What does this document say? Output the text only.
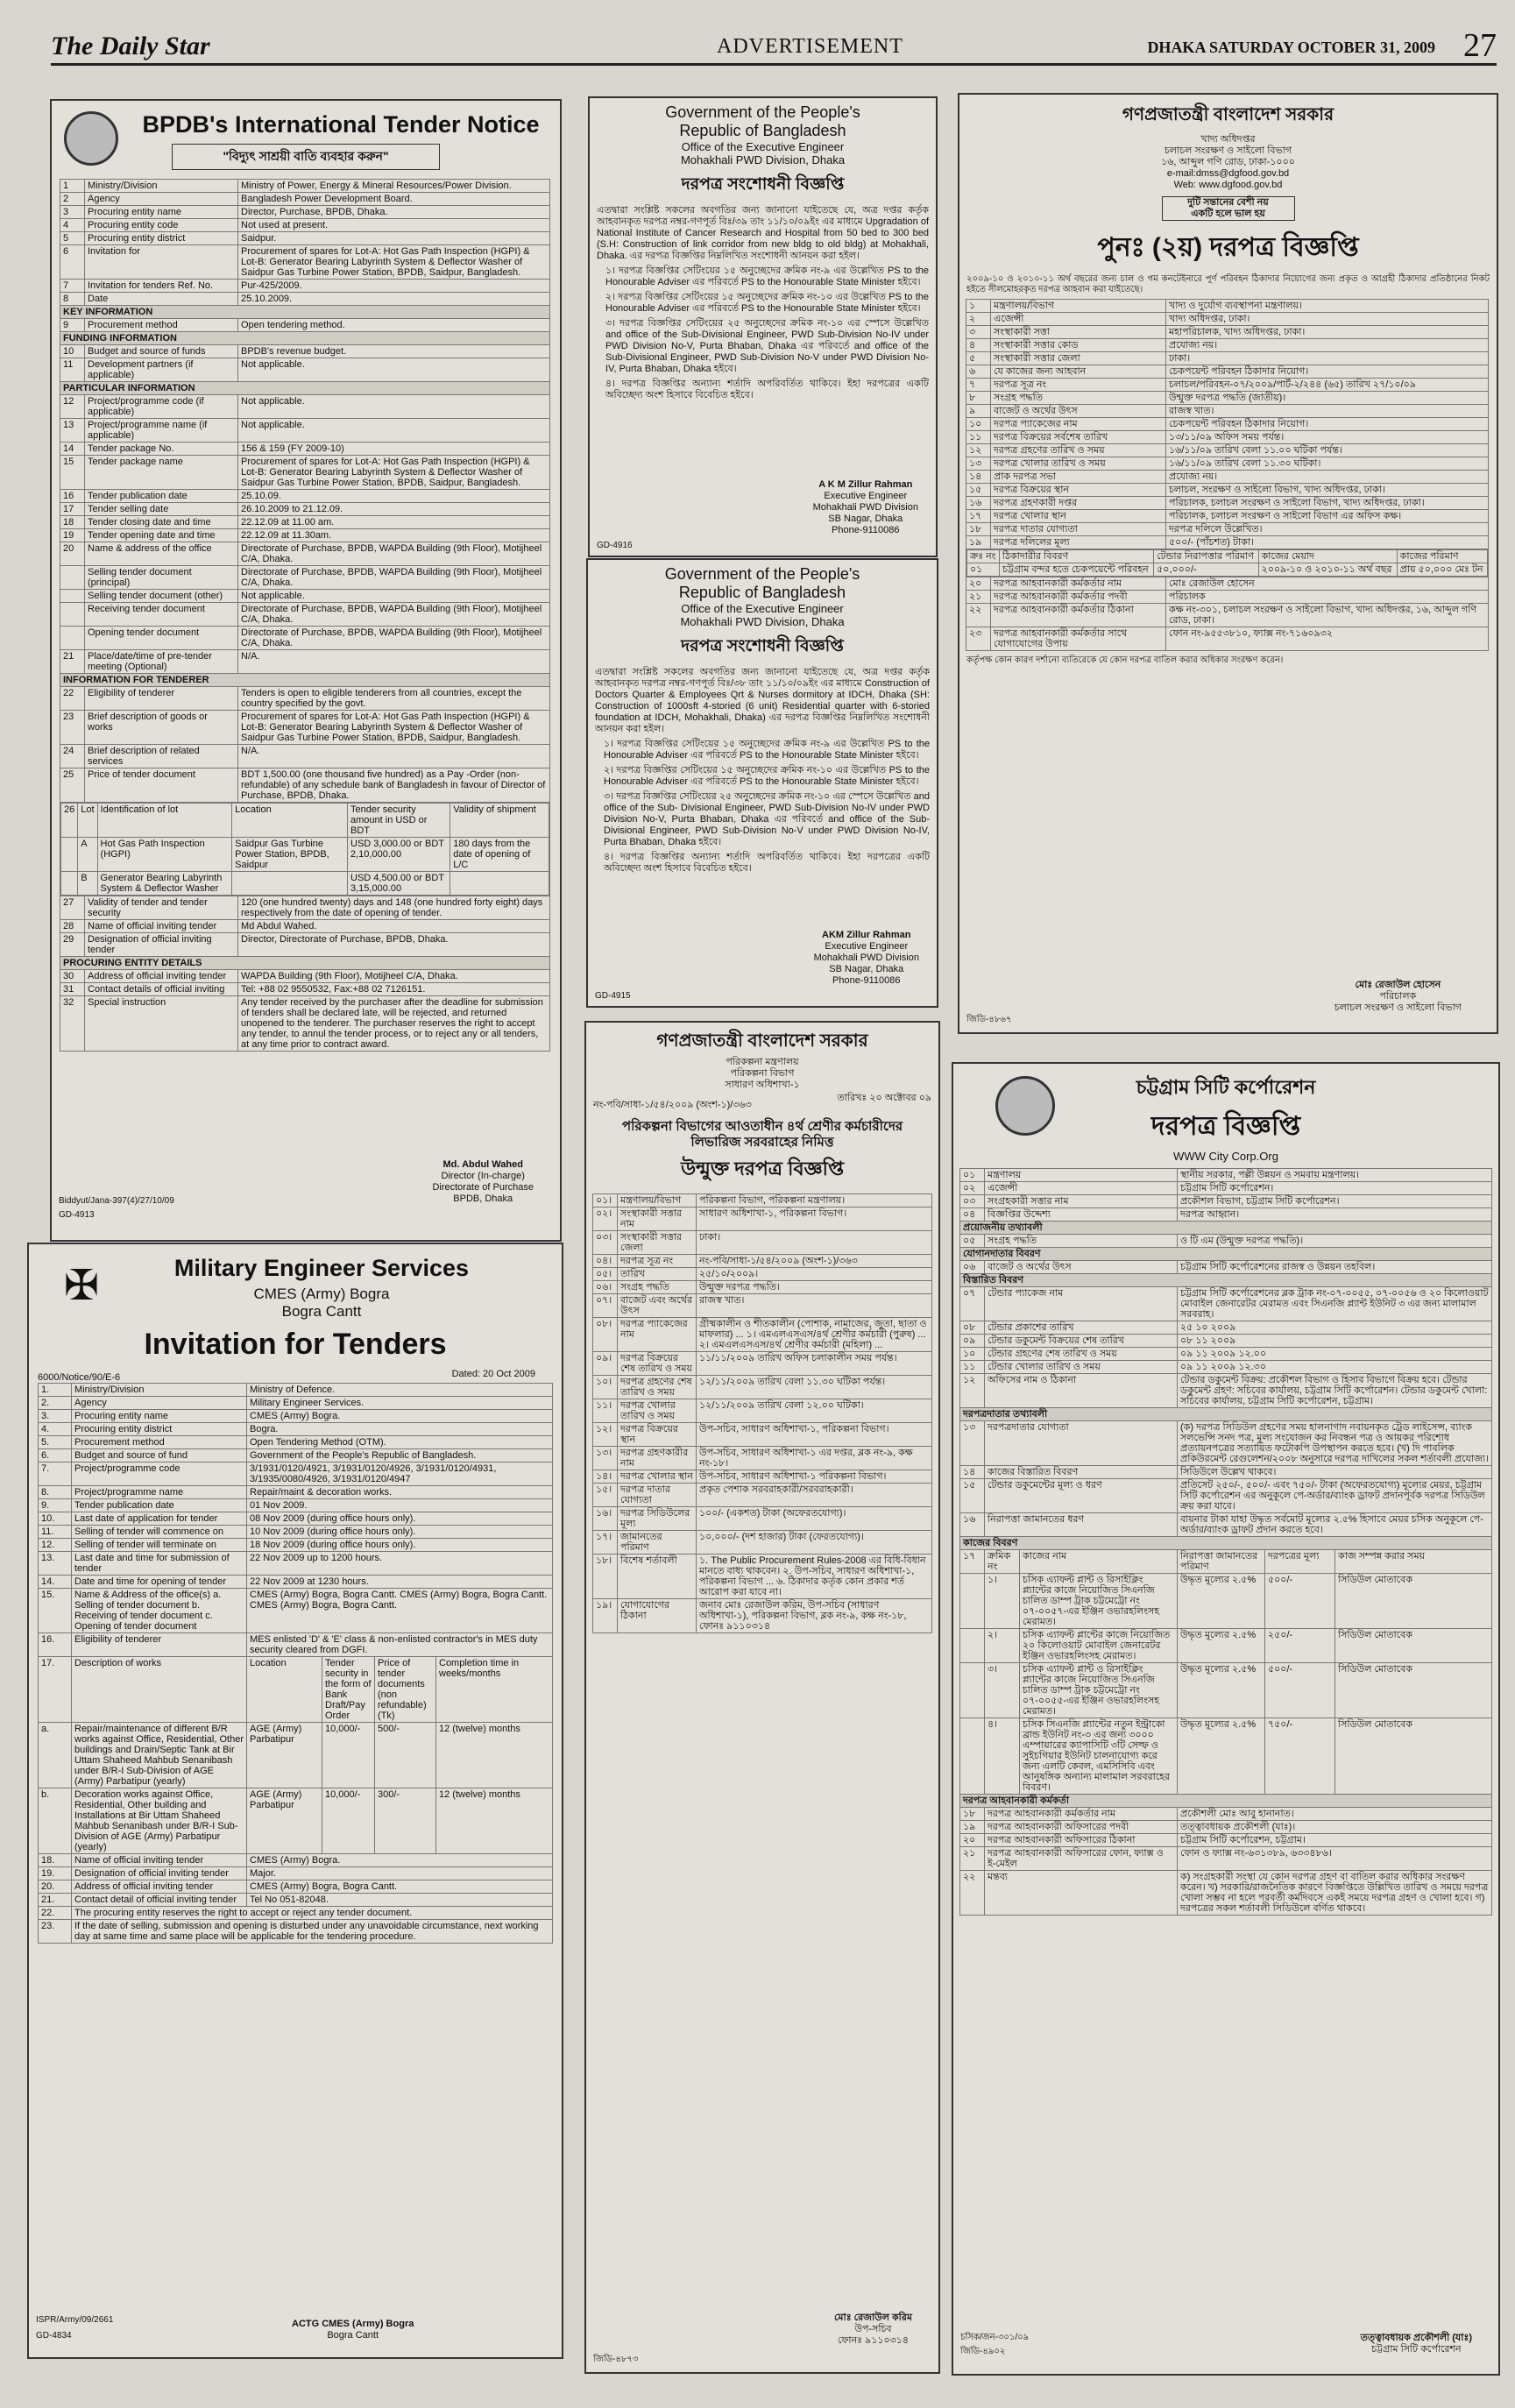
The Daily Star	ADVERTISEMENT	DHAKA SATURDAY OCTOBER 31, 2009 27
BPDB's International Tender Notice
"বিদ্যুৎ সাশ্রয়ী বাতি ব্যবহার করুন"
1	Ministry/Division	Ministry of Power, Energy & Mineral Resources/Power Division.
2	Agency	Bangladesh Power Development Board.
3	Procuring entity name	Director, Purchase, BPDB, Dhaka.
4	Procuring entity code	Not used at present.
5	Procuring entity district	Saidpur.
6	Invitation for	Procurement of spares for Lot-A: Hot Gas Path Inspection (HGPI) & Lot-B: Generator Bearing Labyrinth System & Deflector Washer of Saidpur Gas Turbine Power Station, BPDB, Saidpur, Bangladesh.
7	Invitation for tenders Ref. No.	Pur-425/2009.
8	Date	25.10.2009.
KEY INFORMATION
9	Procurement method	Open tendering method.
FUNDING INFORMATION
10	Budget and source of funds	BPDB's revenue budget.
11	Development partners (if applicable)	Not applicable.
PARTICULAR INFORMATION
12	Project/programme code (if applicable)	Not applicable.
13	Project/programme name (if applicable)	Not applicable.
14	Tender package No.	156 & 159 (FY 2009-10)
15	Tender package name	Procurement of spares for Lot-A: Hot Gas Path Inspection (HGPI) & Lot-B: Generator Bearing Labyrinth System & Deflector Washer of Saidpur Gas Turbine Power Station, BPDB, Saidpur, Bangladesh.
16	Tender publication date	25.10.09.
17	Tender selling date	26.10.2009 to 21.12.09.
18	Tender closing date and time	22.12.09 at 11.00 am.
19	Tender opening date and time	22.12.09 at 11.30am.
20	Name & address of the office	Directorate of Purchase, BPDB, WAPDA Building (9th Floor), Motijheel C/A, Dhaka.
	Selling tender document (principal)	Directorate of Purchase, BPDB, WAPDA Building (9th Floor), Motijheel C/A, Dhaka.
	Selling tender document (other)	Not applicable.
	Receiving tender document	Directorate of Purchase, BPDB, WAPDA Building (9th Floor), Motijheel C/A, Dhaka.
	Opening tender document	Directorate of Purchase, BPDB, WAPDA Building (9th Floor), Motijheel C/A, Dhaka.
21	Place/date/time of pre-tender meeting (Optional)	N/A.
INFORMATION FOR TENDERER
22	Eligibility of tenderer	Tenders is open to eligible tenderers from all countries, except the country specified by the govt.
23	Brief description of goods or works	Procurement of spares for Lot-A: Hot Gas Path Inspection (HGPI) & Lot-B: Generator Bearing Labyrinth System & Deflector Washer of Saidpur Gas Turbine Power Station, BPDB, Saidpur, Bangladesh.
24	Brief description of related services	N/A.
25	Price of tender document	BDT 1,500.00 (one thousand five hundred) as a Pay -Order (non-refundable) of any schedule bank of Bangladesh in favour of Director of Purchase, BPDB, Dhaka.

26	Lot	Identification of lot	Location	Tender security amount in USD or BDT	Validity of shipment
	A	Hot Gas Path Inspection (HGPI)	Saidpur Gas Turbine Power Station, BPDB, Saidpur	USD 3,000.00 or BDT 2,10,000.00	180 days from the date of opening of L/C
	B	Generator Bearing Labyrinth System & Deflector Washer		USD 4,500.00 or BDT 3,15,000.00	

27	Validity of tender and tender security	120 (one hundred twenty) days and 148 (one hundred forty eight) days respectively from the date of opening of tender.
28	Name of official inviting tender	Md Abdul Wahed.
29	Designation of official inviting tender	Director, Directorate of Purchase, BPDB, Dhaka.
PROCURING ENTITY DETAILS
30	Address of official inviting tender	WAPDA Building (9th Floor), Motijheel C/A, Dhaka.
31	Contact details of official inviting	Tel: +88 02 9550532, Fax:+88 02 7126151.
32	Special instruction	Any tender received by the purchaser after the deadline for submission of tenders shall be declared late, will be rejected, and returned unopened to the tenderer. The purchaser reserves the right to accept any tender, to annul the tender process, or to reject any or all tenders, at any time prior to contract award.
Md. Abdul Wahed
Director (In-charge)
Directorate of Purchase
BPDB, Dhaka
Biddyut/Jana-397(4)/27/10/09
GD-4913
✠	Military Engineer Services
CMES (Army) Bogra
Bogra Cantt
Invitation for Tenders
6000/Notice/90/E-6	Dated: 20 Oct 2009
1.	Ministry/Division	Ministry of Defence.			
2.	Agency	Military Engineer Services.			
3.	Procuring entity name	CMES (Army) Bogra.			
4.	Procuring entity district	Bogra.			
5.	Procurement method	Open Tendering Method (OTM).			
6.	Budget and source of fund	Government of the People's Republic of Bangladesh.			
7.	Project/programme code	3/1931/0120/4921, 3/1931/0120/4926, 3/1931/0120/4931, 3/1935/0080/4926, 3/1931/0120/4947			
8.	Project/programme name	Repair/maint & decoration works.			
9.	Tender publication date	01 Nov 2009.			
10.	Last date of application for tender	08 Nov 2009 (during office hours only).			
11.	Selling of tender will commence on	10 Nov 2009 (during office hours only).			
12.	Selling of tender will terminate on	18 Nov 2009 (during office hours only).			
13.	Last date and time for submission of tender	22 Nov 2009 up to 1200 hours.			
14.	Date and time for opening of tender	22 Nov 2009 at 1230 hours.			
15.	Name & Address of the office(s) a. Selling of tender document b. Receiving of tender document c. Opening of tender document	CMES (Army) Bogra, Bogra Cantt. CMES (Army) Bogra, Bogra Cantt. CMES (Army) Bogra, Bogra Cantt.			
16.	Eligibility of tenderer	MES enlisted 'D' & 'E' class & non-enlisted contractor's in MES duty security cleared from DGFI.			
17.	Description of works	Location	Tender security in the form of Bank Draft/Pay Order	Price of tender documents (non refundable) (Tk)	Completion time in weeks/months
a.	Repair/maintenance of different B/R works against Office, Residential, Other buildings and Drain/Septic Tank at Bir Uttam Shaheed Mahbub Senanibash under B/R-I Sub-Division of AGE (Army) Parbatipur (yearly)	AGE (Army) Parbatipur	10,000/-	500/-	12 (twelve) months
b.	Decoration works against Office, Residential, Other building and Installations at Bir Uttam Shaheed Mahbub Senanibash under B/R-I Sub-Division of AGE (Army) Parbatipur (yearly)	AGE (Army) Parbatipur	10,000/-	300/-	12 (twelve) months
18.	Name of official inviting tender	CMES (Army) Bogra.			
19.	Designation of official inviting tender	Major.			
20.	Address of official inviting tender	CMES (Army) Bogra, Bogra Cantt.			
21.	Contact detail of official inviting tender	Tel No 051-82048.			
22.	The procuring entity reserves the right to accept or reject any tender document.				
23.	If the date of selling, submission and opening is disturbed under any unavoidable circumstance, next working day at same time and same place will be applicable for the tendering procedure.				
ISPR/Army/09/2661
GD-4834
ACTG CMES (Army) Bogra
Bogra Cantt
Government of the People's
Republic of Bangladesh
Office of the Executive Engineer
Mohakhali PWD Division, Dhaka
দরপত্র সংশোধনী বিজ্ঞপ্তি
এতদ্বারা সংশ্লিষ্ট সকলের অবগতির জন্য জানানো যাইতেছে যে, অত্র দপ্তর কর্তৃক আহবানকৃত দরপত্র নম্বর-গণপূর্ত বিঃ/৩৯ তাং ১১/১০/০৯ইং এর মাধ্যমে Upgradation of National Institute of Cancer Research and Hospital from 50 bed to 300 bed (S.H: Construction of link corridor from new bldg to old bldg) at Mohakhali, Dhaka. এর দরপত্র বিজ্ঞপ্তির নিম্নলিখিত সংশোধনী আনয়ন করা হইল।
১। দরপত্র বিজ্ঞপ্তির সেটিংয়ের ১৫ অনুচ্ছেদের ক্রমিক নং-৯ এর উল্লেখিত PS to the Honourable Adviser এর পরিবর্তে PS to the Honourable State Minister হইবে।
২। দরপত্র বিজ্ঞপ্তির সেটিংয়ের ১৫ অনুচ্ছেদের ক্রমিক নং-১০ এর উল্লেখিত PS to the Honourable Adviser এর পরিবর্তে PS to the Honourable State Minister হইবে।
৩। দরপত্র বিজ্ঞপ্তির সেটিংয়ের ২৫ অনুচ্ছেদের ক্রমিক নং-১০ এর স্পেসে উল্লেখিত and office of the Sub-Divisional Engineer, PWD Sub-Division No-IV under PWD Division No-V, Purta Bhaban, Dhaka এর পরিবর্তে and office of the Sub-Divisional Engineer, PWD Sub-Division No-V under PWD Division No-IV, Purta Bhaban, Dhaka হইবে।
৪। দরপত্র বিজ্ঞপ্তির অন্যান্য শর্তাদি অপরিবর্তিত থাকিবে। ইহা দরপত্রের একটি অবিচ্ছেদ্য অংশ হিসাবে বিবেচিত হইবে।
A K M Zillur Rahman
Executive Engineer
Mohakhali PWD Division
SB Nagar, Dhaka
Phone-9110086
GD-4916
Government of the People's
Republic of Bangladesh
Office of the Executive Engineer
Mohakhali PWD Division, Dhaka
দরপত্র সংশোধনী বিজ্ঞপ্তি
এতদ্বারা সংশ্লিষ্ট সকলের অবগতির জন্য জানানো যাইতেছে যে, অত্র দপ্তর কর্তৃক আহবানকৃত দরপত্র নম্বর-গণপূর্ত বিঃ/৩৮ তাং ১১/১০/০৯ইং এর মাধ্যমে Construction of Doctors Quarter & Employees Qrt & Nurses dormitory at IDCH, Dhaka (SH: Construction of 1000sft 4-storied (6 unit) Residential quarter with 6-storied foundation at IDCH, Mohakhali, Dhaka) এর দরপত্র বিজ্ঞপ্তির নিম্নলিখিত সংশোধনী আনয়ন করা হইল।
১। দরপত্র বিজ্ঞপ্তির সেটিংয়ের ১৫ অনুচ্ছেদের ক্রমিক নং-৯ এর উল্লেখিত PS to the Honourable Adviser এর পরিবর্তে PS to the Honourable State Minister হইবে।
২। দরপত্র বিজ্ঞপ্তির সেটিংয়ের ১৫ অনুচ্ছেদের ক্রমিক নং-১০ এর উল্লেখিত PS to the Honourable Adviser এর পরিবর্তে PS to the Honourable State Minister হইবে।
৩। দরপত্র বিজ্ঞপ্তির সেটিংয়ের ২৫ অনুচ্ছেদের ক্রমিক নং-১০ এর স্পেসে উল্লেখিত and office of the Sub- Divisional Engineer, PWD Sub-Division No-IV under PWD Division No-V, Purta Bhaban, Dhaka এর পরিবর্তে and office of the Sub-Divisional Engineer, PWD Sub-Division No-V under PWD Division No-IV, Purta Bhaban, Dhaka হইবে।
৪। দরপত্র বিজ্ঞপ্তির অন্যান্য শর্তাদি অপরিবর্তিত থাকিবে। ইহা দরপত্রের একটি অবিচ্ছেদ্য অংশ হিসাবে বিবেচিত হইবে।
AKM Zillur Rahman
Executive Engineer
Mohakhali PWD Division
SB Nagar, Dhaka
Phone-9110086
GD-4915
গণপ্রজাতন্ত্রী বাংলাদেশ সরকার
পরিকল্পনা মন্ত্রণালয়
পরিকল্পনা বিভাগ
সাধারণ অধিশাখা-১
নং-পবি/সাধা-১/৫৪/২০০৯ (অংশ-১)/৩৬৩
তারিখঃ ২০ অক্টোবর ০৯
পরিকল্পনা বিভাগের আওতাধীন ৪র্থ শ্রেণীর কর্মচারীদের লিভারিজ সরবরাহের নিমিত্ত
উন্মুক্ত দরপত্র বিজ্ঞপ্তি
০১।	মন্ত্রণালয়/বিভাগ	পরিকল্পনা বিভাগ, পরিকল্পনা মন্ত্রণালয়।
০২।	সংস্থাকারী সত্তার নাম	সাধারণ অধিশাখা-১, পরিকল্পনা বিভাগ।
০৩।	সংস্থাকারী সত্তার জেলা	ঢাকা।
০৪।	দরপত্র সূত্র নং	নং-পবি/সাধা-১/৫৪/২০০৯ (অংশ-১)/৩৬৩
০৫।	তারিখ	২৫/১০/২০০৯।
০৬।	সংগ্রহ পদ্ধতি	উন্মুক্ত দরপত্র পদ্ধতি।
০৭।	বাজেট এবং অর্থের উৎস	রাজস্ব খাত।
০৮।	দরপত্র প্যাকেজের নাম	গ্রীষ্মকালীন ও শীতকালীন (পোশাক, নামাজের, জুতা, ছাতা ও মাফলার) ... ১। এমএলএসএস/৪র্থ শ্রেণীর কর্মচারী (পুরুষ) ... ২। এমএলএসএস/৪র্থ শ্রেণীর কর্মচারী (মহিলা) ...
০৯।	দরপত্র বিক্রয়ের শেষ তারিখ ও সময়	১১/১১/২০০৯ তারিখ অফিস চলাকালীন সময় পর্যন্ত।
১০।	দরপত্র গ্রহণের শেষ তারিখ ও সময়	১২/১১/২০০৯ তারিখ বেলা ১১.৩০ ঘটিকা পর্যন্ত।
১১।	দরপত্র খোলার তারিখ ও সময়	১২/১১/২০০৯ তারিখ বেলা ১২.০০ ঘটিকা।
১২।	দরপত্র বিক্রয়ের স্থান	উপ-সচিব, সাধারণ অধিশাখা-১, পরিকল্পনা বিভাগ।
১৩।	দরপত্র গ্রহণকারীর নাম	উপ-সচিব, সাধারণ অধিশাখা-১ এর দপ্তর, ব্লক নং-৯, কক্ষ নং-১৮।
১৪।	দরপত্র খোলার স্থান	উপ-সচিব, সাধারণ অধিশাখা-১ পরিকল্পনা বিভাগ।
১৫।	দরপত্র দাতার যোগ্যতা	প্রকৃত পেশাক সরবরাহকারী/সরবরাহকারী।
১৬।	দরপত্র সিডিউলের মূল্য	১০০/- (একশত) টাকা (অফেরতযোগ্য)।
১৭।	জামানতের পরিমাণ	১০,০০০/- (দশ হাজার) টাকা (ফেরতযোগ্য)।
১৮।	বিশেষ শর্তাবলী	১. The Public Procurement Rules-2008 এর বিধি-বিধান মানতে বাধ্য থাকবেন। ২. উপ-সচিব, সাধারণ অধিশাখা-১, পরিকল্পনা বিভাগ ... ৬. ঠিকাদার কর্তৃক কোন প্রকার শর্ত আরোপ করা যাবে না।
১৯।	যোগাযোগের ঠিকানা	জনাব মোঃ রেজাউল করিম, উপ-সচিব (সাধারণ অধিশাখা-১), পরিকল্পনা বিভাগ, ব্লক নং-৯, কক্ষ নং-১৮, ফোনঃ ৯১১০৩১৪
মোঃ রেজাউল করিম
উপ-সচিব
ফোনঃ ৯১১০৩১৪
জিডি-৪৮৭৩
গণপ্রজাতন্ত্রী বাংলাদেশ সরকার
খাদ্য অধিদপ্তর
চলাচল সংরক্ষণ ও সাইলো বিভাগ
১৬, আব্দুল গণি রোড, ঢাকা-১০০০
e-mail:dmss@dgfood.gov.bd
Web: www.dgfood.gov.bd
দুটি সন্তানের বেশী নয়
একটি হলে ভাল হয়
পুনঃ (২য়) দরপত্র বিজ্ঞপ্তি
২০০৯-১০ ও ২০১০-১১ অর্থ বছরের জন্য চাল ও গম কনটেইনারে পূর্ণ পরিবহন ঠিকাদার নিয়োগের জন্য প্রকৃত ও আগ্রহী ঠিকাদার প্রতিষ্ঠানের নিকট হইতে সীলমোহরকৃত দরপত্র আহবান করা যাইতেছে।
১	মন্ত্রণালয়/বিভাগ	খাদ্য ও দুর্যোগ ব্যবস্থাপনা মন্ত্রণালয়।
২	এজেন্সী	খাদ্য অধিদপ্তর, ঢাকা।
৩	সংস্থাকারী সত্তা	মহাপরিচালক, খাদ্য অধিদপ্তর, ঢাকা।
৪	সংস্থাকারী সত্তার কোড	প্রযোজ্য নয়।
৫	সংস্থাকারী সত্তার জেলা	ঢাকা।
৬	যে কাজের জন্য আহবান	চেকপয়েন্ট পরিবহন ঠিকাদার নিয়োগ।
৭	দরপত্র সূত্র নং	চলাচল/পরিবহন-০৭/২০০৯/পার্ট-২/২৪৪ (৬৫) তারিখ ২৭/১০/০৯
৮	সংগ্রহ পদ্ধতি	উন্মুক্ত দরপত্র পদ্ধতি (জাতীয়)।
৯	বাজেট ও অর্থের উৎস	রাজস্ব খাত।
১০	দরপত্র প্যাকেজের নাম	চেকপয়েন্ট পরিবহন ঠিকাদার নিয়োগ।
১১	দরপত্র বিক্রয়ের সর্বশেষ তারিখ	১৩/১১/০৯ অফিস সময় পর্যন্ত।
১২	দরপত্র গ্রহণের তারিখ ও সময়	১৬/১১/০৯ তারিখ বেলা ১১.০০ ঘটিকা পর্যন্ত।
১৩	দরপত্র খোলার তারিখ ও সময়	১৬/১১/০৯ তারিখ বেলা ১১.৩০ ঘটিকা।
১৪	প্রাক দরপত্র সভা	প্রযোজ্য নয়।
১৫	দরপত্র বিক্রয়ের স্থান	চলাচল, সংরক্ষণ ও সাইলো বিভাগ, খাদ্য অধিদপ্তর, ঢাকা।
১৬	দরপত্র গ্রহণকারী দপ্তর	পরিচালক, চলাচল সংরক্ষণ ও সাইলো বিভাগ, খাদ্য অধিদপ্তর, ঢাকা।
১৭	দরপত্র খোলার স্থান	পরিচালক, চলাচল সংরক্ষণ ও সাইলো বিভাগ এর অফিস কক্ষ।
১৮	দরপত্র দাতার যোগ্যতা	দরপত্র দলিলে উল্লেখিত।
১৯	দরপত্র দলিলের মূল্য	৫০০/- (পাঁচশত) টাকা।

ক্রঃ নং	ঠিকাদারীর বিবরণ	টেন্ডার নিরাপত্তার পরিমাণ	কাজের মেয়াদ	কাজের পরিমাণ
০১	চট্টগ্রাম বন্দর হতে চেকপয়েন্টে পরিবহন	৫০,০০০/-	২০০৯-১০ ও ২০১০-১১ অর্থ বছর	প্রায় ৫০,০০০ মেঃ টন

২০	দরপত্র আহবানকারী কর্মকর্তার নাম	মোঃ রেজাউল হোসেন
২১	দরপত্র আহবানকারী কর্মকর্তার পদবী	পরিচালক
২২	দরপত্র আহবানকারী কর্মকর্তার ঠিকানা	কক্ষ নং-৩০১, চলাচল সংরক্ষণ ও সাইলো বিভাগ, খাদ্য অধিদপ্তর, ১৬, আব্দুল গণি রোড, ঢাকা।
২৩	দরপত্র আহবানকারী কর্মকর্তার সাথে যোগাযোগের উপায়	ফোন নং-৯৫৫৩৮১০, ফ্যাক্স নং-৭১৬০৯৩২
কর্তৃপক্ষ কোন কারণ দর্শানো ব্যতিরেকে যে কোন দরপত্র বাতিল করার অধিকার সংরক্ষণ করেন।
মোঃ রেজাউল হোসেন
পরিচালক
চলাচল সংরক্ষণ ও সাইলো বিভাগ
জিডি-৪৮৬৭
চট্টগ্রাম সিটি কর্পোরেশন
দরপত্র বিজ্ঞপ্তি
WWW City Corp.Org
০১	মন্ত্রণালয়		স্থানীয় সরকার, পল্লী উন্নয়ন ও সমবায় মন্ত্রণালয়।		
০২	এজেন্সী		চট্টগ্রাম সিটি কর্পোরেশন।		
০৩	সংগ্রহকারী সত্তার নাম		প্রকৌশল বিভাগ, চট্টগ্রাম সিটি কর্পোরেশন।		
০৪	বিজ্ঞপ্তির উদ্দেশ্য		দরপত্র আহ্বান।		
প্রয়োজনীয় তথ্যাবলী					
০৫	সংগ্রহ পদ্ধতি		ও টি এম (উন্মুক্ত দরপত্র পদ্ধতি)।		
যোগানদাতার বিবরণ					
০৬	বাজেট ও অর্থের উৎস		চট্টগ্রাম সিটি কর্পোরেশনের রাজস্ব ও উন্নয়ন তহবিল।		
বিস্তারিত বিবরণ					
০৭	টেন্ডার প্যাকেজ নাম		চট্টগ্রাম সিটি কর্পোরেশনের ব্লক ট্রাক নং-০৭-০০৫৫, ০৭-০০৫৬ ও ২০ কিলোওয়াট মোবাইল জেনারেটর মেরামত এবং সিএনজি প্ল্যান্ট ইউনিট ৩ এর জন্য মালামাল সরবরাহ।		
০৮	টেন্ডার প্রকাশের তারিখ		২৫ ১০ ২০০৯		
০৯	টেন্ডার ডকুমেন্ট বিক্রয়ের শেষ তারিখ		০৮ ১১ ২০০৯		
১০	টেন্ডার গ্রহণের শেষ তারিখ ও সময়		০৯ ১১ ২০০৯ ১২.০০		
১১	টেন্ডার খোলার তারিখ ও সময়		০৯ ১১ ২০০৯ ১২.৩০		
১২	অফিসের নাম ও ঠিকানা		টেন্ডার ডকুমেন্ট বিক্রয়: প্রকৌশল বিভাগ ও হিসাব বিভাগে বিক্রয় হবে। টেন্ডার ডকুমেন্ট গ্রহণ: সচিবের কার্যালয়, চট্টগ্রাম সিটি কর্পোরেশন। টেন্ডার ডকুমেন্ট খোলা: সচিবের কার্যালয়, চট্টগ্রাম সিটি কর্পোরেশন, চট্টগ্রাম।		
দরপত্রদাতার তথ্যাবলী					
১৩	দরপত্রদাতার যোগ্যতা		(ক) দরপত্র সিডিউল গ্রহণের সময় হালনাগাদ নবায়নকৃত ট্রেড লাইসেন্স, ব্যাংক সলভেন্সি সনদ পত্র, মূল্য সংযোজন কর নিবন্ধন পত্র ও আয়কর পরিশোধ প্রত্যায়নপত্রের সত্যায়িত ফটোকপি উপস্থাপন করতে হবে। (খ) দি পাবলিক প্রকিউরমেন্ট রেগুলেশন/২০০৮ অনুসারে দরপত্র দাখিলের সকল শর্তাবলী প্রযোজ্য।		
১৪	কাজের বিস্তারিত বিবরণ		সিডিউলে উল্লেখ থাকবে।		
১৫	টেন্ডার ডকুমেন্টের মূল্য ও ধরণ		প্রতিসেট ২৫০/-, ৫০০/- এবং ৭৫০/- টাকা (অফেরতযোগ্য) মূল্যের মেয়র, চট্টগ্রাম সিটি কর্পোরেশন এর অনুকূলে পে-অর্ডার/ব্যাংক ড্রাফট প্রদানপূর্বক দরপত্র সিডিউল ক্রয় করা যাবে।		
১৬	নিরাপত্তা জামানতের ধরণ		বায়নার টাকা যাহা উদ্ধৃত সর্বমোট মূল্যের ২.৫% হিসাবে মেয়র চসিক অনুকূলে পে-অর্ডার/ব্যাংক ড্রাফট প্রদান করতে হবে।		
কাজের বিবরণ					
১৭	ক্রমিক নং	কাজের নাম	নিরাপত্তা জামানতের পরিমাণ	দরপত্রের মূল্য	কাজ সম্পন্ন করার সময়
	১।	চসিক এ্যাফল্ট প্লান্ট ও রিসাইক্লিং প্ল্যান্টের কাজে নিয়োজিত সিএনজি চালিত ডাম্প ট্রাক চট্টমেট্রো নং ০৭-০০৫৭-এর ইঞ্জিন ওভারহলিংসহ মেরামত।	উদ্ধৃত মূল্যের ২.৫%	৫০০/-	সিডিউল মোতাবেক
	২।	চসিক এ্যাফল্ট প্লান্টের কাজে নিয়োজিত ২০ কিলোওয়াট মোবাইল জেনারেটর ইঞ্জিন ওভারহলিংসহ মেরামত।	উদ্ধৃত মূল্যের ২.৫%	২৫০/-	সিডিউল মোতাবেক
	৩।	চসিক এ্যাফল্ট প্লান্ট ও রিসাইক্লিং প্ল্যান্টের কাজে নিয়োজিত সিএনজি চালিত ডাম্প ট্রাক চট্টমেট্রো নং ০৭-০০৫৫-এর ইঞ্জিন ওভারহলিংসহ মেরামত।	উদ্ধৃত মূল্যের ২.৫%	৫০০/-	সিডিউল মোতাবেক
	৪।	চসিক সিএনজি প্ল্যান্টের নতুন ইন্ট্রাকো ব্রান্ড ইউনিট নং-৩ এর জন্য ৩০০০ এম্পায়ারের ক্যাপাসিটি ৩টি সেল্ফ ও সুইচগিয়ার ইউনিট চালনাযোগ্য করে জন্য এলটি কেবল, এমসিসিবি এবং আনুষঙ্গিক অন্যান্য মালামাল সরবরাহের বিবরণ।	উদ্ধৃত মূল্যের ২.৫%	৭৫০/-	সিডিউল মোতাবেক
দরপত্র আহবানকারী কর্মকর্তা					
১৮	দরপত্র আহবানকারী কর্মকর্তার নাম		প্রকৌশলী মোঃ আবু হানানাত।		
১৯	দরপত্র আহবানকারী অফিসারের পদবী		তত্ত্বাবধায়ক প্রকৌশলী (যাঃ)।		
২০	দরপত্র আহবানকারী অফিসারের ঠিকানা		চট্টগ্রাম সিটি কর্পোরেশন, চট্টগ্রাম।		
২১	দরপত্র আহবানকারী অফিসারের ফোন, ফ্যাক্স ও ই-মেইল		ফোন ও ফ্যাক্স নং-৬৩১৩৮৯, ৬৩৩৪৮৬।		
২২	মন্তব্য		ক) সংগ্রহকারী সংস্থা যে কোন দরপত্র গ্রহণ বা বাতিল করার অধিকার সংরক্ষণ করেন। খ) সরকারি/রাজনৈতিক কারণে বিজ্ঞপ্তিতে উল্লিখিত তারিখ ও সময়ে দরপত্র খোলা সম্ভব না হলে পরবর্তী কর্মদিবসে একই সময়ে দরপত্র গ্রহণ ও খোলা হবে। গ) দরপত্রের সকল শর্তাবলী সিডিউলে বর্ণিত থাকবে।		
চসিক/জন-৩০১/০৯
জিডি-৪৯০২
তত্ত্বাবধায়ক প্রকৌশলী (যাঃ)
চট্টগ্রাম সিটি কর্পোরেশন
